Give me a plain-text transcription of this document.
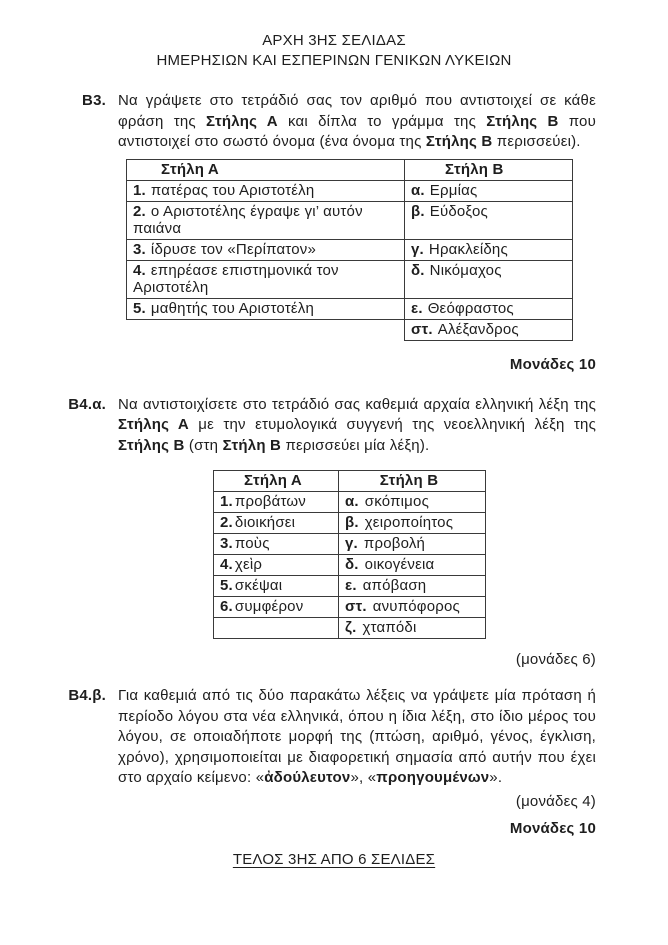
ΑΡΧΗ 3ΗΣ ΣΕΛΙΔΑΣ
ΗΜΕΡΗΣΙΩΝ ΚΑΙ ΕΣΠΕΡΙΝΩΝ ΓΕΝΙΚΩΝ ΛΥΚΕΙΩΝ
Β3. Να γράψετε στο τετράδιό σας τον αριθμό που αντιστοιχεί σε κάθε φράση της Στήλης Α και δίπλα το γράμμα της Στήλης Β που αντιστοιχεί στο σωστό όνομα (ένα όνομα της Στήλης Β περισσεύει).
Στήλη Α	Στήλη Β
1. πατέρας του Αριστοτέλη	α. Ερμίας
2. ο Αριστοτέλης έγραψε γι’ αυτόν παιάνα	β. Εύδοξος
3. ίδρυσε τον «Περίπατον»	γ. Ηρακλείδης
4. επηρέασε επιστημονικά τον Αριστοτέλη	δ. Νικόμαχος
5. μαθητής του Αριστοτέλη	ε. Θεόφραστος
	στ. Αλέξανδρος
Μονάδες 10
Β4.α. Να αντιστοιχίσετε στο τετράδιό σας καθεμιά αρχαία ελληνική λέξη της Στήλης Α με την ετυμολογικά συγγενή της νεοελληνική λέξη της Στήλης Β (στη Στήλη Β περισσεύει μία λέξη).
Στήλη Α	Στήλη Β
1. προβάτων	α. σκόπιμος
2. διοικήσει	β. χειροποίητος
3. ποὺς	γ. προβολή
4. χεὶρ	δ. οικογένεια
5. σκέψαι	ε. απόβαση
6. συμφέρον	στ. ανυπόφορος
	ζ. χταπόδι
(μονάδες 6)
Β4.β. Για καθεμιά από τις δύο παρακάτω λέξεις να γράψετε μία πρόταση ή περίοδο λόγου στα νέα ελληνικά, όπου η ίδια λέξη, στο ίδιο μέρος του λόγου, σε οποιαδήποτε μορφή της (πτώση, αριθμό, γένος, έγκλιση, χρόνο), χρησιμοποιείται με διαφορετική σημασία από αυτήν που έχει στο αρχαίο κείμενο: «ἀδούλευτον», «προηγουμένων».
(μονάδες 4)
Μονάδες 10
ΤΕΛΟΣ 3ΗΣ ΑΠΟ 6 ΣΕΛΙΔΕΣ
